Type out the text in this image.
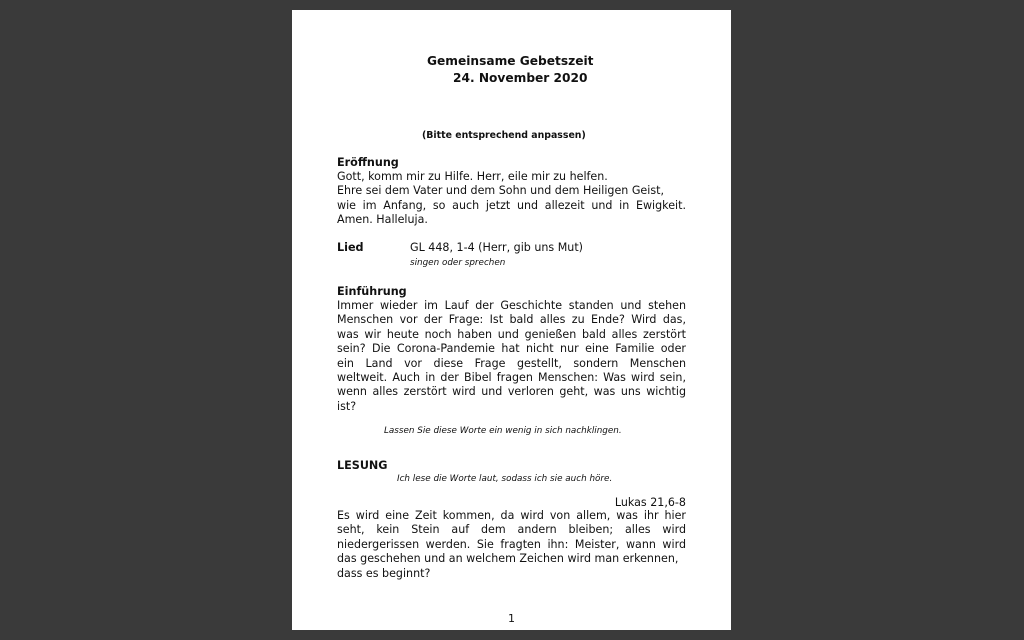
Gemeinsame Gebetszeit
24. November 2020
(Bitte entsprechend anpassen)
Eröffnung
Gott, komm mir zu Hilfe. Herr, eile mir zu helfen.
Ehre sei dem Vater und dem Sohn und dem Heiligen Geist,
wie im Anfang, so auch jetzt und allezeit und in Ewigkeit.
Amen. Halleluja.
Lied	GL 448, 1-4 (Herr, gib uns Mut)
singen oder sprechen
Einführung
Immer wieder im Lauf der Geschichte standen und stehen
Menschen vor der Frage: Ist bald alles zu Ende? Wird das,
was wir heute noch haben und genießen bald alles zerstört
sein? Die Corona-Pandemie hat nicht nur eine Familie oder
ein Land vor diese Frage gestellt, sondern Menschen
weltweit. Auch in der Bibel fragen Menschen: Was wird sein,
wenn alles zerstört wird und verloren geht, was uns wichtig
ist?
Lassen Sie diese Worte ein wenig in sich nachklingen.
LESUNG
Ich lese die Worte laut, sodass ich sie auch höre.
Lukas 21,6-8
Es wird eine Zeit kommen, da wird von allem, was ihr hier
seht, kein Stein auf dem andern bleiben; alles wird
niedergerissen werden. Sie fragten ihn: Meister, wann wird
das geschehen und an welchem Zeichen wird man erkennen,
dass es beginnt?
1
